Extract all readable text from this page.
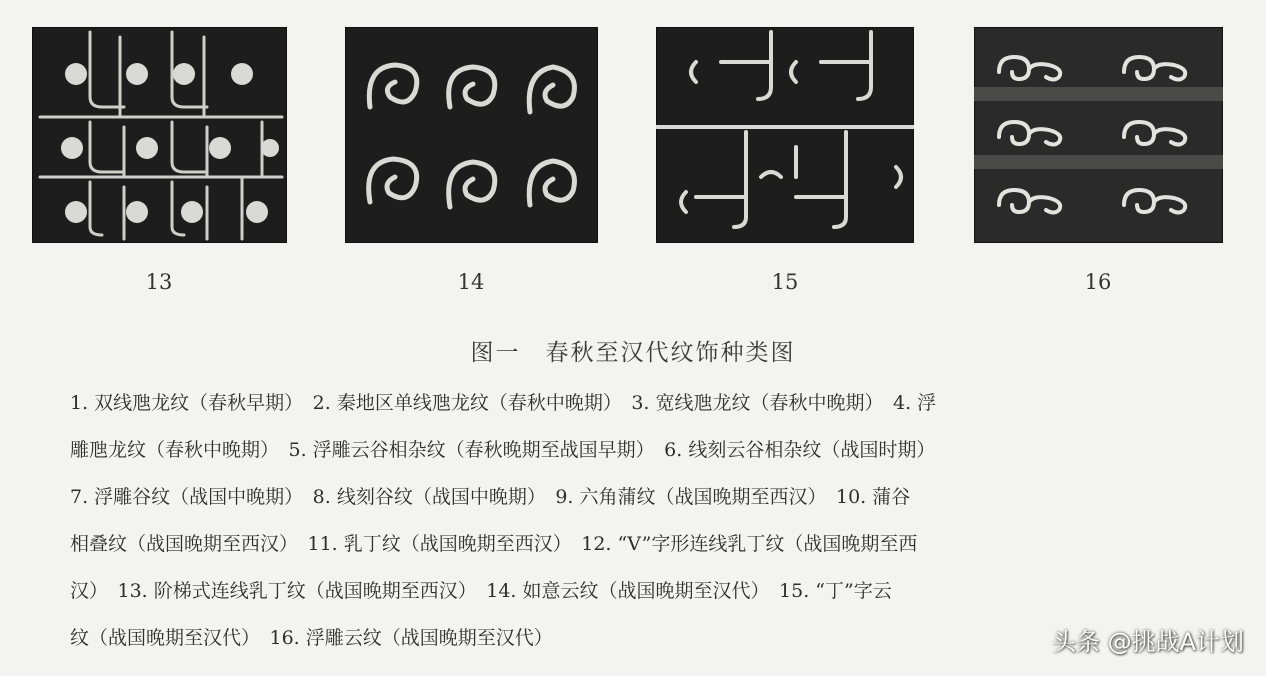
13	14	15	16
图一　春秋至汉代纹饰种类图
1. 双线虺龙纹（春秋早期）　2. 秦地区单线虺龙纹（春秋中晚期）　3. 宽线虺龙纹（春秋中晚期）　4. 浮
雕虺龙纹（春秋中晚期）　5. 浮雕云谷相杂纹（春秋晚期至战国早期）　6. 线刻云谷相杂纹（战国时期）
7. 浮雕谷纹（战国中晚期）　8. 线刻谷纹（战国中晚期）　9. 六角蒲纹（战国晚期至西汉）　10. 蒲谷
相叠纹（战国晚期至西汉）　11. 乳丁纹（战国晚期至西汉）　12. “V”字形连线乳丁纹（战国晚期至西
汉）　13. 阶梯式连线乳丁纹（战国晚期至西汉）　14. 如意云纹（战国晚期至汉代）　15. “丁”字云
纹（战国晚期至汉代）　16. 浮雕云纹（战国晚期至汉代）	头条 @挑战A计划
